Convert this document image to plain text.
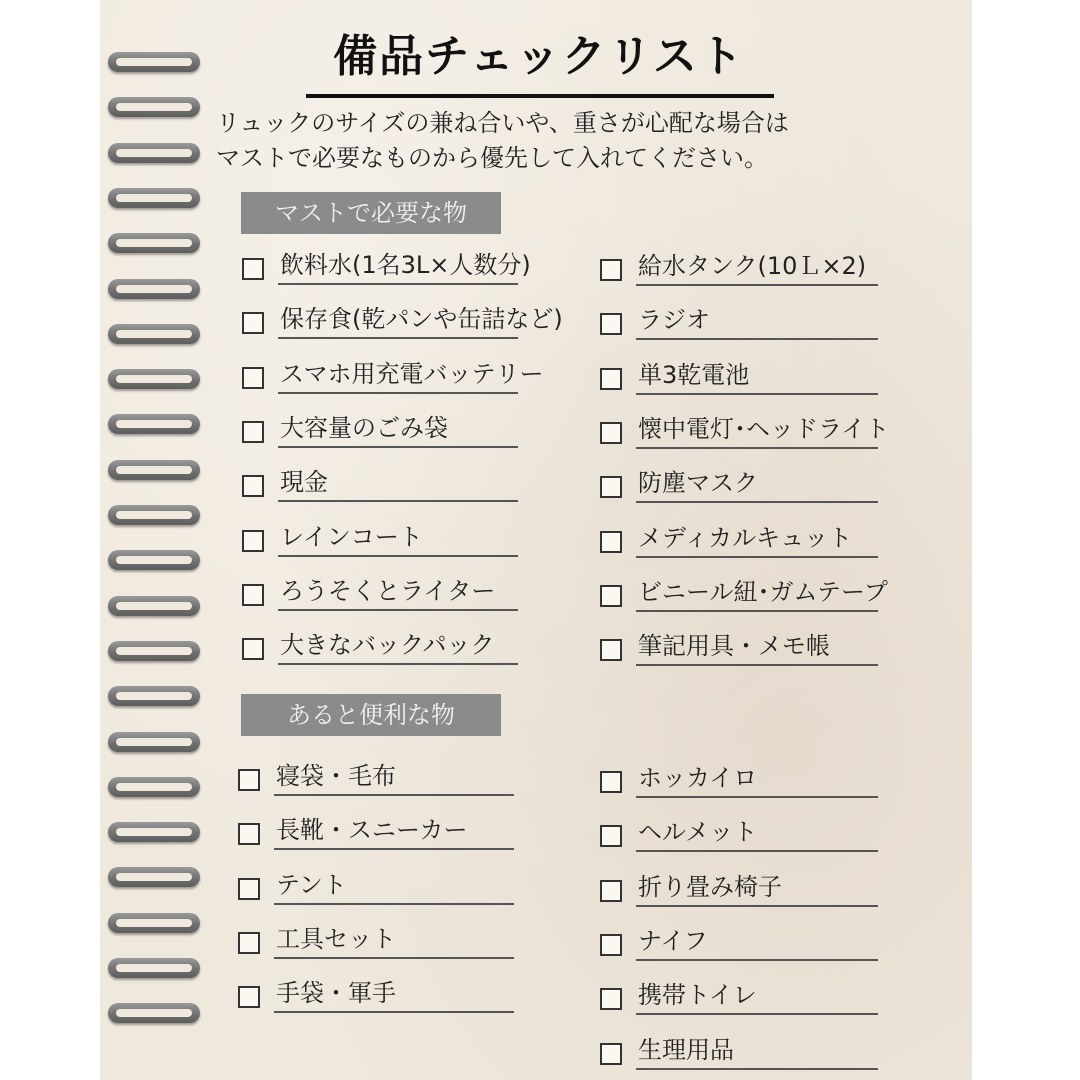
備品チェックリスト
リュックのサイズの兼ね合いや、重さが心配な場合は
マストで必要なものから優先して入れてください。
マストで必要な物
あると便利な物
飲料水(1名3L×人数分)
保存食(乾パンや缶詰など)
スマホ用充電バッテリー
大容量のごみ袋
現金
レインコート
ろうそくとライター
大きなバックパック
給水タンク(10Ｌ×2)
ラジオ
単3乾電池
懐中電灯･ヘッドライト
防塵マスク
メディカルキュット
ビニール紐･ガムテープ
筆記用具・メモ帳
寝袋・毛布
長靴・スニーカー
テント
工具セット
手袋・軍手
ホッカイロ
ヘルメット
折り畳み椅子
ナイフ
携帯トイレ
生理用品
